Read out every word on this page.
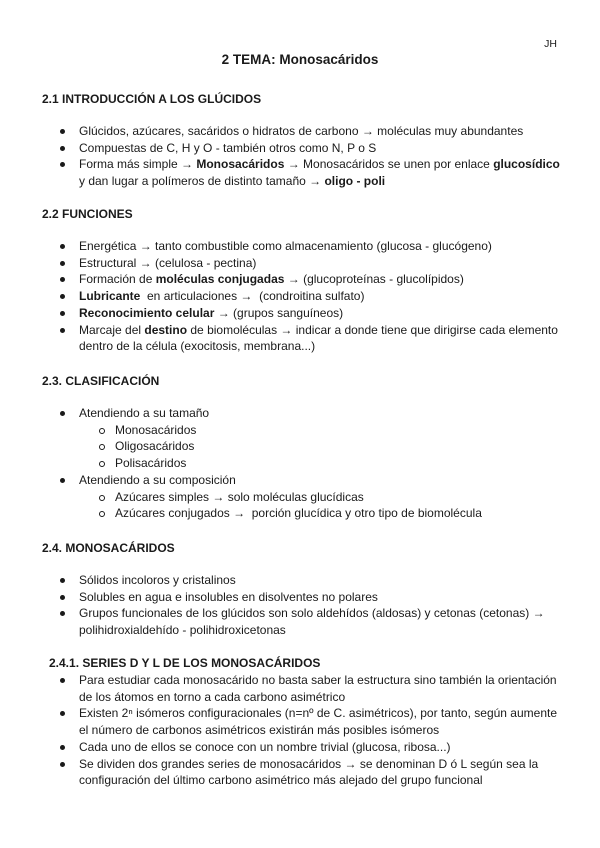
JH
2 TEMA: Monosacáridos
2.1 INTRODUCCIÓN A LOS GLÚCIDOS
Glúcidos, azúcares, sacáridos o hidratos de carbono → moléculas muy abundantes
Compuestas de C, H y O - también otros como N, P o S
Forma más simple → Monosacáridos → Monosacáridos se unen por enlace glucosídico y dan lugar a polímeros de distinto tamaño → oligo - poli
2.2 FUNCIONES
Energética → tanto combustible como almacenamiento (glucosa - glucógeno)
Estructural → (celulosa - pectina)
Formación de moléculas conjugadas → (glucoproteínas - glucolípidos)
Lubricante  en articulaciones →  (condroitina sulfato)
Reconocimiento celular → (grupos sanguíneos)
Marcaje del destino de biomoléculas → indicar a donde tiene que dirigirse cada elemento dentro de la célula (exocitosis, membrana...)
2.3. CLASIFICACIÓN
Atendiendo a su tamaño
Monosacáridos
Oligosacáridos
Polisacáridos
Atendiendo a su composición
Azúcares simples → solo moléculas glucídicas
Azúcares conjugados →  porción glucídica y otro tipo de biomolécula
2.4. MONOSACÁRIDOS
Sólidos incoloros y cristalinos
Solubles en agua e insolubles en disolventes no polares
Grupos funcionales de los glúcidos son solo aldehídos (aldosas) y cetonas (cetonas) → polihidroxialdehído - polihidroxicetonas
2.4.1. SERIES D Y L DE LOS MONOSACÁRIDOS
Para estudiar cada monosacárido no basta saber la estructura sino también la orientación de los átomos en torno a cada carbono asimétrico
Existen 2ⁿ isómeros configuracionales (n=nº de C. asimétricos), por tanto, según aumente el número de carbonos asimétricos existirán más posibles isómeros
Cada uno de ellos se conoce con un nombre trivial (glucosa, ribosa...)
Se dividen dos grandes series de monosacáridos → se denominan D ó L según sea la configuración del último carbono asimétrico más alejado del grupo funcional
